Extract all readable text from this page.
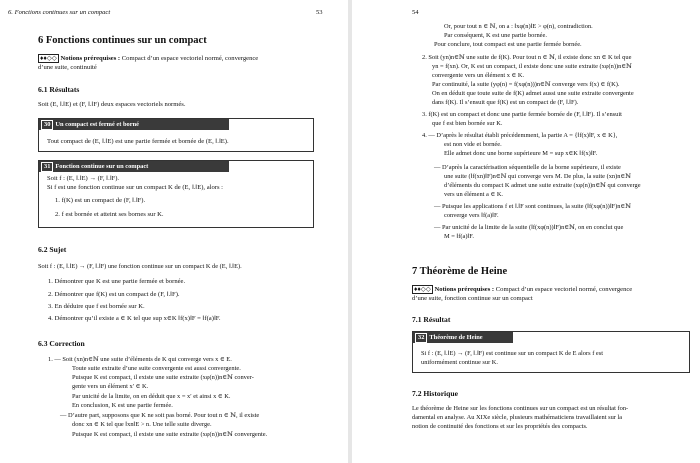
6. Fonctions continues sur un compact	53
6 Fonctions continues sur un compact
♦♦◇◇ Notions prérequises : Compact d’un espace vectoriel normé, convergence
d’une suite, continuité
6.1 Résultats
Soit (E, ‖.‖E) et (F, ‖.‖F) deux espaces vectoriels normés.
30 Un compact est fermé et borné
Tout compact de (E, ‖.‖E) est une partie fermée et bornée de (E, ‖.‖E).
31 Fonction continue sur un compact
Soit f : (E, ‖.‖E) → (F, ‖.‖F).
Si f est une fonction continue sur un compact K de (E, ‖.‖E), alors :
1. f(K) est un compact de (F, ‖.‖F).
2. f est bornée et atteint ses bornes sur K.
6.2 Sujet
Soit f : (E, ‖.‖E) → (F, ‖.‖F) une fonction continue sur un compact K de (E, ‖.‖E).
1. Démontrer que K est une partie fermée et bornée.
2. Démontrer que f(K) est un compact de (F, ‖.‖F).
3. En déduire que f est bornée sur K.
4. Démontrer qu’il existe a ∈ K tel que sup x∈K ‖f(x)‖F = ‖f(a)‖F.
6.3 Correction
1. — Soit (xn)n∈ℕ une suite d’éléments de K qui converge vers x ∈ E.
Toute suite extraite d’une suite convergente est aussi convergente.
Puisque K est compact, il existe une suite extraite (xφ(n))n∈ℕ conver-
gente vers un élément x′ ∈ K.
Par unicité de la limite, on en déduit que x = x′ et ainsi x ∈ K.
En conclusion, K est une partie fermée.
— D’autre part, supposons que K ne soit pas borné. Pour tout n ∈ ℕ, il existe
donc xn ∈ K tel que ‖xn‖E > n. Une telle suite diverge.
Puisque K est compact, il existe une suite extraite (xφ(n))n∈ℕ convergente.
54
Or, pour tout n ∈ ℕ, on a : ‖xφ(n)‖E > φ(n), contradiction.
Par conséquent, K est une partie bornée.
Pour conclure, tout compact est une partie fermée bornée.
2. Soit (yn)n∈ℕ une suite de f(K). Pour tout n ∈ ℕ, il existe donc xn ∈ K tel que
yn = f(xn). Or, K est un compact, il existe donc une suite extraite (xφ(n))n∈ℕ
convergente vers un élément x ∈ K.
Par continuité, la suite (yφ(n) = f(xφ(n)))n∈ℕ converge vers f(x) ∈ f(K).
On en déduit que toute suite de f(K) admet aussi une suite extraite convergente
dans f(K). Il s’ensuit que f(K) est un compact de (F, ‖.‖F).
3. f(K) est un compact et donc une partie fermée bornée de (F, ‖.‖F). Il s’ensuit
que f est bien bornée sur K.
4. — D’après le résultat établi précédemment, la partie A = {‖f(x)‖F, x ∈ K},
est non vide et bornée.
Elle admet donc une borne supérieure M = sup x∈K ‖f(x)‖F.
— D’après la caractérisation séquentielle de la borne supérieure, il existe
une suite (‖f(xn)‖F)n∈ℕ qui converge vers M. De plus, la suite (xn)n∈ℕ
d’éléments du compact K admet une suite extraite (xφ(n))n∈ℕ qui converge
vers un élément a ∈ K.
— Puisque les applications f et ‖.‖F sont continues, la suite (‖f(xφ(n))‖F)n∈ℕ
converge vers ‖f(a)‖F.
— Par unicité de la limite de la suite (‖f(xφ(n))‖F)n∈ℕ, on en conclut que
M = ‖f(a)‖F.
7 Théorème de Heine
♦♦◇◇ Notions prérequises : Compact d’un espace vectoriel normé, convergence
d’une suite, fonction continue sur un compact
7.1 Résultat
32 Théorème de Heine
Si f : (E, ‖.‖E) → (F, ‖.‖F) est continue sur un compact K de E alors f est
uniformément continue sur K.
7.2 Historique
Le théorème de Heine sur les fonctions continues sur un compact est un résultat fon-
damental en analyse. Au XIXe siècle, plusieurs mathématiciens travaillaient sur la
notion de continuité des fonctions et sur les propriétés des compacts.
